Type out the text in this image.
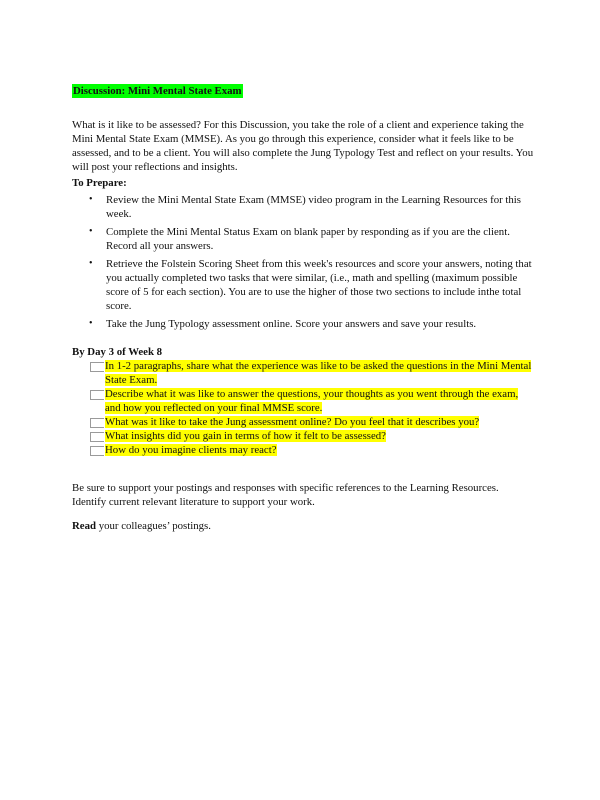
Discussion: Mini Mental State Exam

What is it like to be assessed? For this Discussion, you take the role of a client and experience taking the Mini Mental State Exam (MMSE). As you go through this experience, consider what it feels like to be assessed, and to be a client. You will also complete the Jung Typology Test and reflect on your results. You will post your reflections and insights.

To Prepare:
• Review the Mini Mental State Exam (MMSE) video program in the Learning Resources for this week.
• Complete the Mini Mental Status Exam on blank paper by responding as if you are the client. Record all your answers.
• Retrieve the Folstein Scoring Sheet from this week's resources and score your answers, noting that you actually completed two tasks that were similar, (i.e., math and spelling (maximum possible score of 5 for each section). You are to use the higher of those two sections to include inthe total score.
• Take the Jung Typology assessment online. Score your answers and save your results.
By Day 3 of Week 8
In 1-2 paragraphs, share what the experience was like to be asked the questions in the Mini Mental State Exam.
Describe what it was like to answer the questions, your thoughts as you went through the exam, and how you reflected on your final MMSE score.
What was it like to take the Jung assessment online? Do you feel that it describes you?
What insights did you gain in terms of how it felt to be assessed?
How do you imagine clients may react?

Be sure to support your postings and responses with specific references to the Learning Resources. Identify current relevant literature to support your work.

Read your colleagues’ postings.
